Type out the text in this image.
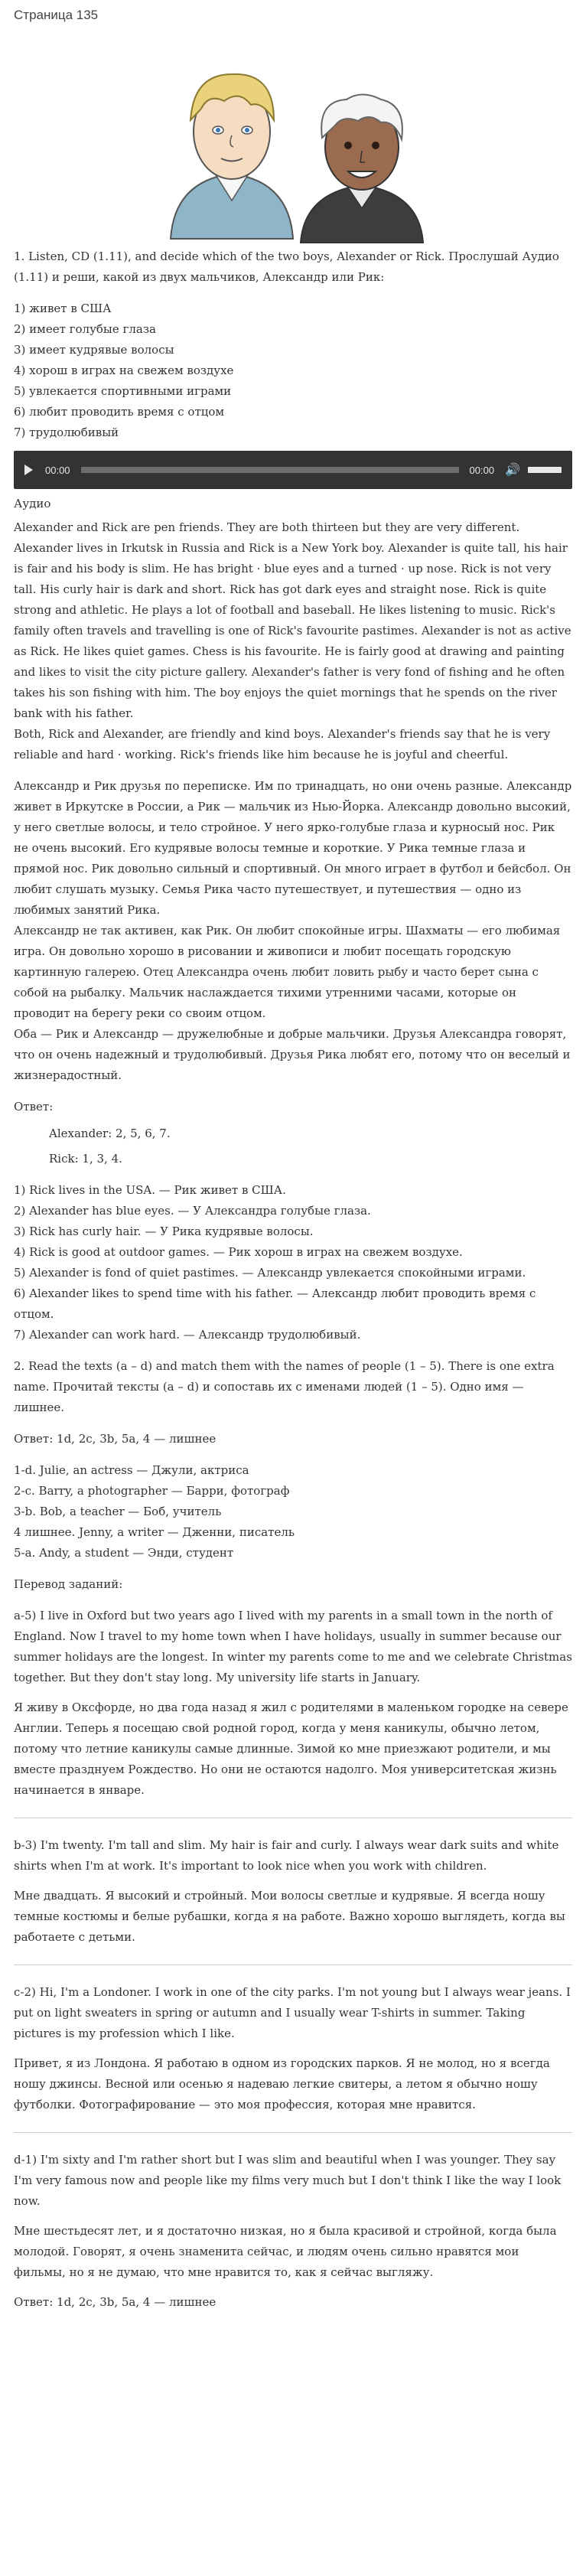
Страница 135

1. Listen, CD (1.11), and decide which of the two boys, Alexander or Rick. Прослушай Аудио (1.11) и реши, какой из двух мальчиков, Александр или Рик:

1) живет в США
2) имеет голубые глаза
3) имеет кудрявые волосы
4) хорош в играх на свежем воздухе
5) увлекается спортивными играми
6) любит проводить время с отцом
7) трудолюбивый
00:00	00:00 🔊

Аудио

Alexander and Rick are pen friends. They are both thirteen but they are very different. Alexander lives in Irkutsk in Russia and Rick is a New York boy. Alexander is quite tall, his hair is fair and his body is slim. He has bright · blue eyes and a turned · up nose. Rick is not very tall. His curly hair is dark and short. Rick has got dark eyes and straight nose. Rick is quite strong and athletic. He plays a lot of football and baseball. He likes listening to music. Rick's family often travels and travelling is one of Rick's favourite pastimes. Alexander is not as active as Rick. He likes quiet games. Chess is his favourite. He is fairly good at drawing and painting and likes to visit the city picture gallery. Alexander's father is very fond of fishing and he often takes his son fishing with him. The boy enjoys the quiet mornings that he spends on the river bank with his father.

Both, Rick and Alexander, are friendly and kind boys. Alexander's friends say that he is very reliable and hard · working. Rick's friends like him because he is joyful and cheerful.

Александр и Рик друзья по переписке. Им по тринадцать, но они очень разные. Александр живет в Иркутске в России, а Рик — мальчик из Нью-Йорка. Александр довольно высокий, у него светлые волосы, и тело стройное. У него ярко-голубые глаза и курносый нос. Рик не очень высокий. Его кудрявые волосы темные и короткие. У Рика темные глаза и прямой нос. Рик довольно сильный и спортивный. Он много играет в футбол и бейсбол. Он любит слушать музыку. Семья Рика часто путешествует, и путешествия — одно из любимых занятий Рика.

Александр не так активен, как Рик. Он любит спокойные игры. Шахматы — его любимая игра. Он довольно хорошо в рисовании и живописи и любит посещать городскую картинную галерею. Отец Александра очень любит ловить рыбу и часто берет сына с собой на рыбалку. Мальчик наслаждается тихими утренними часами, которые он проводит на берегу реки со своим отцом.

Оба — Рик и Александр — дружелюбные и добрые мальчики. Друзья Александра говорят, что он очень надежный и трудолюбивый. Друзья Рика любят его, потому что он веселый и жизнерадостный.

Ответ:

Alexander: 2, 5, 6, 7.
Rick: 1, 3, 4.
1) Rick lives in the USA. — Рик живет в США.
2) Alexander has blue eyes. — У Александра голубые глаза.
3) Rick has curly hair. — У Рика кудрявые волосы.
4) Rick is good at outdoor games. — Рик хорош в играх на свежем воздухе.
5) Alexander is fond of quiet pastimes. — Александр увлекается спокойными играми.
6) Alexander likes to spend time with his father. — Александр любит проводить время с отцом.
7) Alexander can work hard. — Александр трудолюбивый.

2. Read the texts (a – d) and match them with the names of people (1 – 5). There is one extra name. Прочитай тексты (a – d) и сопоставь их с именами людей (1 – 5). Одно имя — лишнее.

Ответ: 1d, 2c, 3b, 5a, 4 — лишнее

1-d. Julie, an actress — Джули, актриса
2-c. Barry, a photographer — Барри, фотограф
3-b. Bob, a teacher — Боб, учитель
4 лишнее. Jenny, a writer — Дженни, писатель
5-a. Andy, a student — Энди, студент

Перевод заданий:

a-5) I live in Oxford but two years ago I lived with my parents in a small town in the north of England. Now I travel to my home town when I have holidays, usually in summer because our summer holidays are the longest. In winter my parents come to me and we celebrate Christmas together. But they don't stay long. My university life starts in January.

Я живу в Оксфорде, но два года назад я жил с родителями в маленьком городке на севере Англии. Теперь я посещаю свой родной город, когда у меня каникулы, обычно летом, потому что летние каникулы самые длинные. Зимой ко мне приезжают родители, и мы вместе празднуем Рождество. Но они не остаются надолго. Моя университетская жизнь начинается в январе.

b-3) I'm twenty. I'm tall and slim. My hair is fair and curly. I always wear dark suits and white shirts when I'm at work. It's important to look nice when you work with children.

Мне двадцать. Я высокий и стройный. Мои волосы светлые и кудрявые. Я всегда ношу темные костюмы и белые рубашки, когда я на работе. Важно хорошо выглядеть, когда вы работаете с детьми.

c-2) Hi, I'm a Londoner. I work in one of the city parks. I'm not young but I always wear jeans. I put on light sweaters in spring or autumn and I usually wear T-shirts in summer. Taking pictures is my profession which I like.

Привет, я из Лондона. Я работаю в одном из городских парков. Я не молод, но я всегда ношу джинсы. Весной или осенью я надеваю легкие свитеры, а летом я обычно ношу футболки. Фотографирование — это моя профессия, которая мне нравится.

d-1) I'm sixty and I'm rather short but I was slim and beautiful when I was younger. They say I'm very famous now and people like my films very much but I don't think I like the way I look now.

Мне шестьдесят лет, и я достаточно низкая, но я была красивой и стройной, когда была молодой. Говорят, я очень знаменита сейчас, и людям очень сильно нравятся мои фильмы, но я не думаю, что мне нравится то, как я сейчас выгляжу.

Ответ: 1d, 2c, 3b, 5a, 4 — лишнее
